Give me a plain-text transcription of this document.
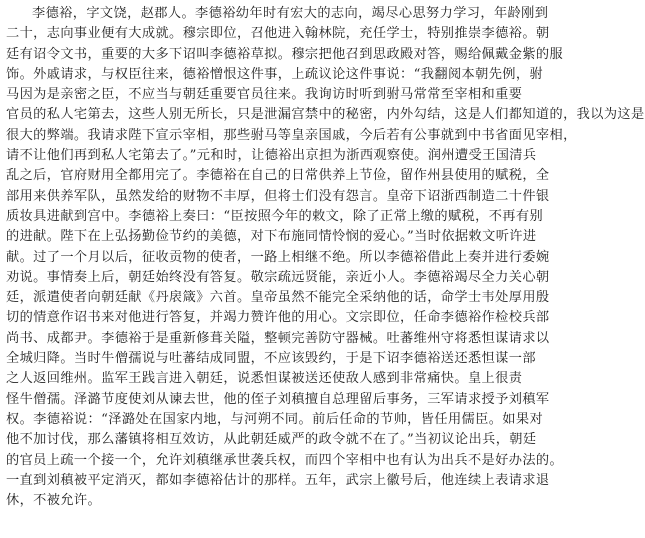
李德裕，字文饶，赵郡人。李德裕幼年时有宏大的志向，竭尽心思努力学习，年龄刚到
二十，志向事业便有大成就。穆宗即位，召他进入翰林院，充任学士，特别推崇李德裕。朝
廷有诏令文书，重要的大多下诏叫李德裕草拟。穆宗把他召到思政殿对答，赐给佩戴金紫的服
饰。外戚请求，与权臣往来，德裕憎恨这件事，上疏议论这件事说：“我翻阅本朝先例，驸
马因为是亲密之臣，不应当与朝廷重要官员往来。我询访时听到驸马常常至宰相和重要
官员的私人宅第去，这些人别无所长，只是泄漏宫禁中的秘密，内外勾结，这是人们都知道的，我以为这是
很大的弊端。我请求陛下宣示宰相，那些驸马等皇亲国戚，今后若有公事就到中书省面见宰相，
请不让他们再到私人宅第去了。”元和时，让德裕出京担为浙西观察使。润州遭受王国清兵
乱之后，官府财用全都用完了。李德裕在自己的日常供养上节俭，留作州县使用的赋税，全
部用来供养军队，虽然发给的财物不丰厚，但将士们没有怨言。皇帝下诏浙西制造二十件银
质妆具进献到宫中。李德裕上奏曰：“臣按照今年的敕文，除了正常上缴的赋税，不再有别
的进献。陛下在上弘扬勤俭节约的美德，对下布施同情怜悯的爱心。”当时依据敕文听许进
献。过了一个月以后，征收贡物的使者，一路上相继不绝。所以李德裕借此上奏并进行委婉
劝说。事情奏上后，朝廷始终没有答复。敬宗疏远贤能，亲近小人。李德裕竭尽全力关心朝
廷，派遣使者向朝廷献《丹扆箴》六首。皇帝虽然不能完全采纳他的话，命学士韦处厚用殷
切的情意作诏书来对他进行答复，并竭力赞许他的用心。文宗即位，任命李德裕作检校兵部
尚书、成都尹。李德裕于是重新修葺关隘，整顿完善防守器械。吐蕃维州守将悉怛谋请求以
全城归降。当时牛僧孺说与吐蕃结成同盟，不应该毁约，于是下诏李德裕送还悉怛谋一部
之人返回维州。监军王践言进入朝廷，说悉怛谋被送还使敌人感到非常痛快。皇上很责
怪牛僧孺。泽潞节度使刘从谏去世，他的侄子刘稹擅自总理留后事务，三军请求授予刘稹军
权。李德裕说：“泽潞处在国家内地，与河朔不同。前后任命的节帅，皆任用儒臣。如果对
他不加讨伐，那么藩镇将相互效访，从此朝廷威严的政令就不在了。”当初议论出兵，朝廷
的官员上疏一个接一个，允许刘稹继承世袭兵权，而四个宰相中也有认为出兵不是好办法的。
一直到刘稹被平定消灭，都如李德裕估计的那样。五年，武宗上徽号后，他连续上表请求退
休，不被允许。
